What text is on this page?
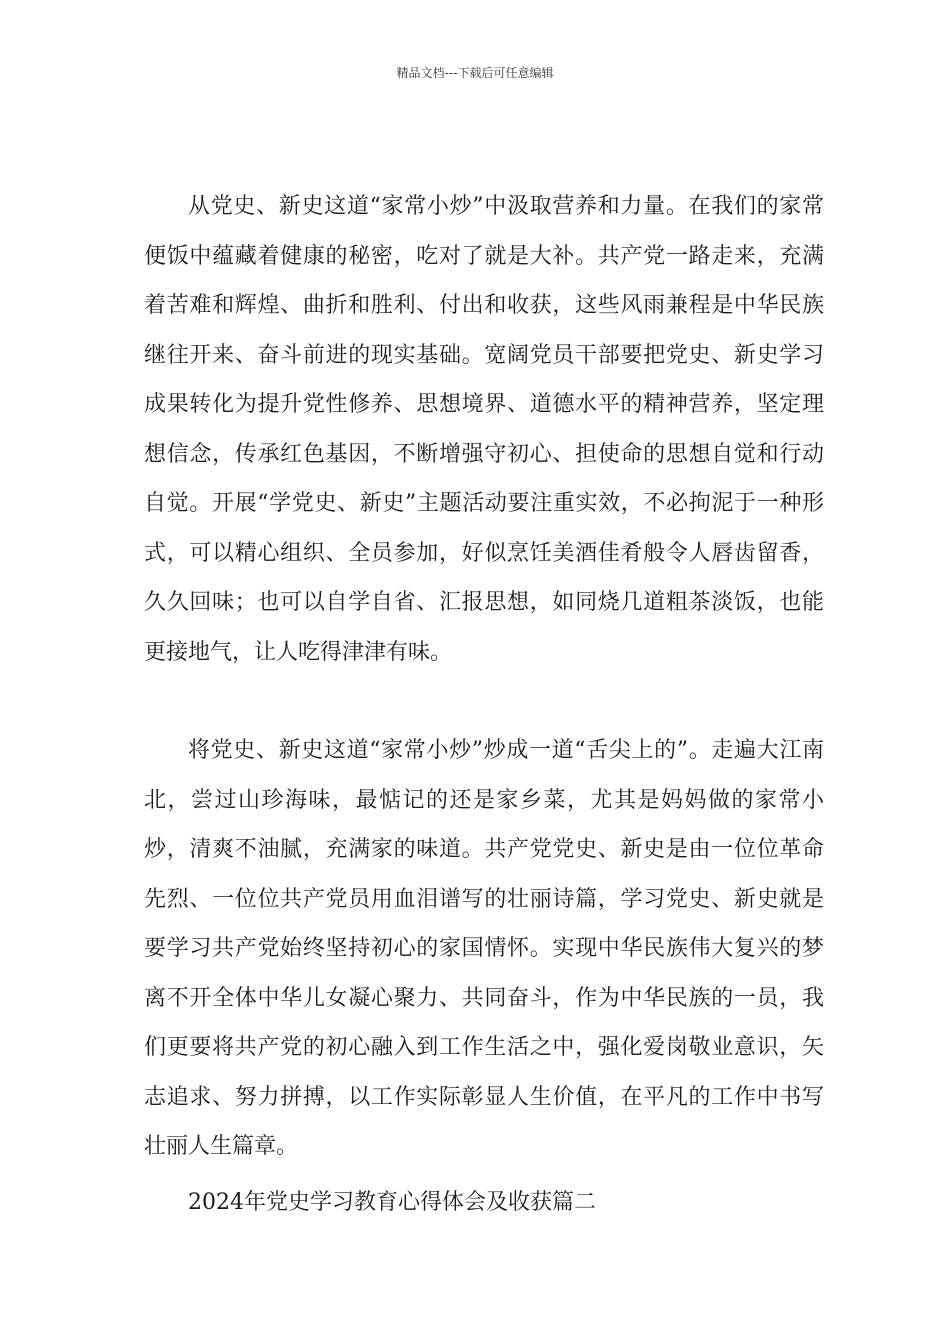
精品文档---下载后可任意编辑

从党史、新史这道“家常小炒”中汲取营养和力量。在我们的家常便饭中蕴藏着健康的秘密，吃对了就是大补。共产党一路走来，充满着苦难和辉煌、曲折和胜利、付出和收获，这些风雨兼程是中华民族继往开来、奋斗前进的现实基础。宽阔党员干部要把党史、新史学习成果转化为提升党性修养、思想境界、道德水平的精神营养，坚定理想信念，传承红色基因，不断增强守初心、担使命的思想自觉和行动自觉。开展“学党史、新史”主题活动要注重实效，不必拘泥于一种形式，可以精心组织、全员参加，好似烹饪美酒佳肴般令人唇齿留香，久久回味；也可以自学自省、汇报思想，如同烧几道粗茶淡饭，也能更接地气，让人吃得津津有味。

将党史、新史这道“家常小炒”炒成一道“舌尖上的”。走遍大江南北，尝过山珍海味，最惦记的还是家乡菜，尤其是妈妈做的家常小炒，清爽不油腻，充满家的味道。共产党党史、新史是由一位位革命先烈、一位位共产党员用血泪谱写的壮丽诗篇，学习党史、新史就是要学习共产党始终坚持初心的家国情怀。实现中华民族伟大复兴的梦离不开全体中华儿女凝心聚力、共同奋斗，作为中华民族的一员，我们更要将共产党的初心融入到工作生活之中，强化爱岗敬业意识，矢志追求、努力拼搏，以工作实际彰显人生价值，在平凡的工作中书写壮丽人生篇章。

2024年党史学习教育心得体会及收获篇二
